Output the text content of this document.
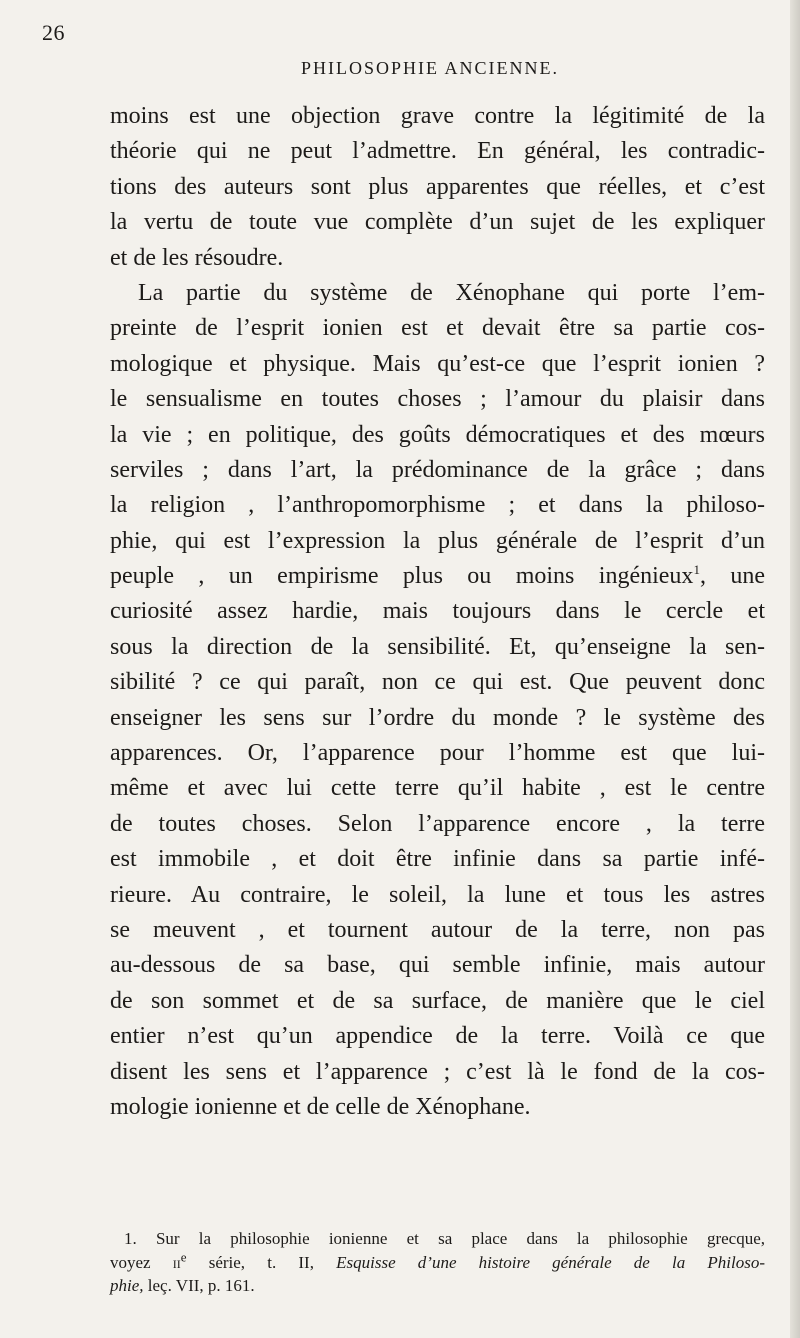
26
PHILOSOPHIE ANCIENNE.
moins est une objection grave contre la légitimité de la
théorie qui ne peut l’admettre. En général, les contradic-
tions des auteurs sont plus apparentes que réelles, et c’est
la vertu de toute vue complète d’un sujet de les expliquer
et de les résoudre.
La partie du système de Xénophane qui porte l’em-
preinte de l’esprit ionien est et devait être sa partie cos-
mologique et physique. Mais qu’est-ce que l’esprit ionien ?
le sensualisme en toutes choses ; l’amour du plaisir dans
la vie ; en politique, des goûts démocratiques et des mœurs
serviles ; dans l’art, la prédominance de la grâce ; dans
la religion , l’anthropomorphisme ; et dans la philoso-
phie, qui est l’expression la plus générale de l’esprit d’un
peuple , un empirisme plus ou moins ingénieux$^1$, une
curiosité assez hardie, mais toujours dans le cercle et
sous la direction de la sensibilité. Et, qu’enseigne la sen-
sibilité ? ce qui paraît, non ce qui est. Que peuvent donc
enseigner les sens sur l’ordre du monde ? le système des
apparences. Or, l’apparence pour l’homme est que lui-
même et avec lui cette terre qu’il habite , est le centre
de toutes choses. Selon l’apparence encore , la terre
est immobile , et doit être infinie dans sa partie infé-
rieure. Au contraire, le soleil, la lune et tous les astres
se meuvent , et tournent autour de la terre, non pas
au-dessous de sa base, qui semble infinie, mais autour
de son sommet et de sa surface, de manière que le ciel
entier n’est qu’un appendice de la terre. Voilà ce que
disent les sens et l’apparence ; c’est là le fond de la cos-
mologie ionienne et de celle de Xénophane.
1. Sur la philosophie ionienne et sa place dans la philosophie grecque,
voyez $ii^e$ série, t. II, Esquisse d’une histoire générale de la Philoso-
phie, leç. VII, p. 161.
